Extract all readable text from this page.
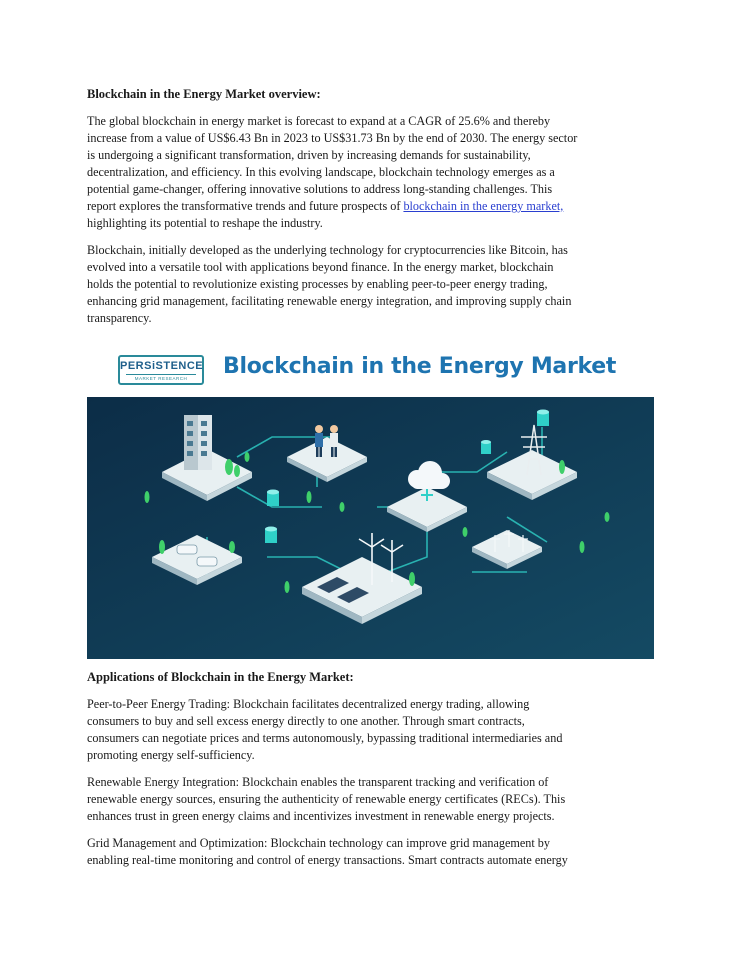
Blockchain in the Energy Market overview:

The global blockchain in energy market is forecast to expand at a CAGR of 25.6% and thereby
increase from a value of US$6.43 Bn in 2023 to US$31.73 Bn by the end of 2030. The energy sector
is undergoing a significant transformation, driven by increasing demands for sustainability,
decentralization, and efficiency. In this evolving landscape, blockchain technology emerges as a
potential game-changer, offering innovative solutions to address long-standing challenges. This
report explores the transformative trends and future prospects of blockchain in the energy market,
highlighting its potential to reshape the industry.

Blockchain, initially developed as the underlying technology for cryptocurrencies like Bitcoin, has
evolved into a versatile tool with applications beyond finance. In the energy market, blockchain
holds the potential to revolutionize existing processes by enabling peer-to-peer energy trading,
enhancing grid management, facilitating renewable energy integration, and improving supply chain
transparency.

PERSiSTENCE
MARKET RESEARCH	Blockchain in the Energy Market
Applications of Blockchain in the Energy Market:

Peer-to-Peer Energy Trading: Blockchain facilitates decentralized energy trading, allowing
consumers to buy and sell excess energy directly to one another. Through smart contracts,
consumers can negotiate prices and terms autonomously, bypassing traditional intermediaries and
promoting energy self-sufficiency.

Renewable Energy Integration: Blockchain enables the transparent tracking and verification of
renewable energy sources, ensuring the authenticity of renewable energy certificates (RECs). This
enhances trust in green energy claims and incentivizes investment in renewable energy projects.

Grid Management and Optimization: Blockchain technology can improve grid management by
enabling real-time monitoring and control of energy transactions. Smart contracts automate energy
